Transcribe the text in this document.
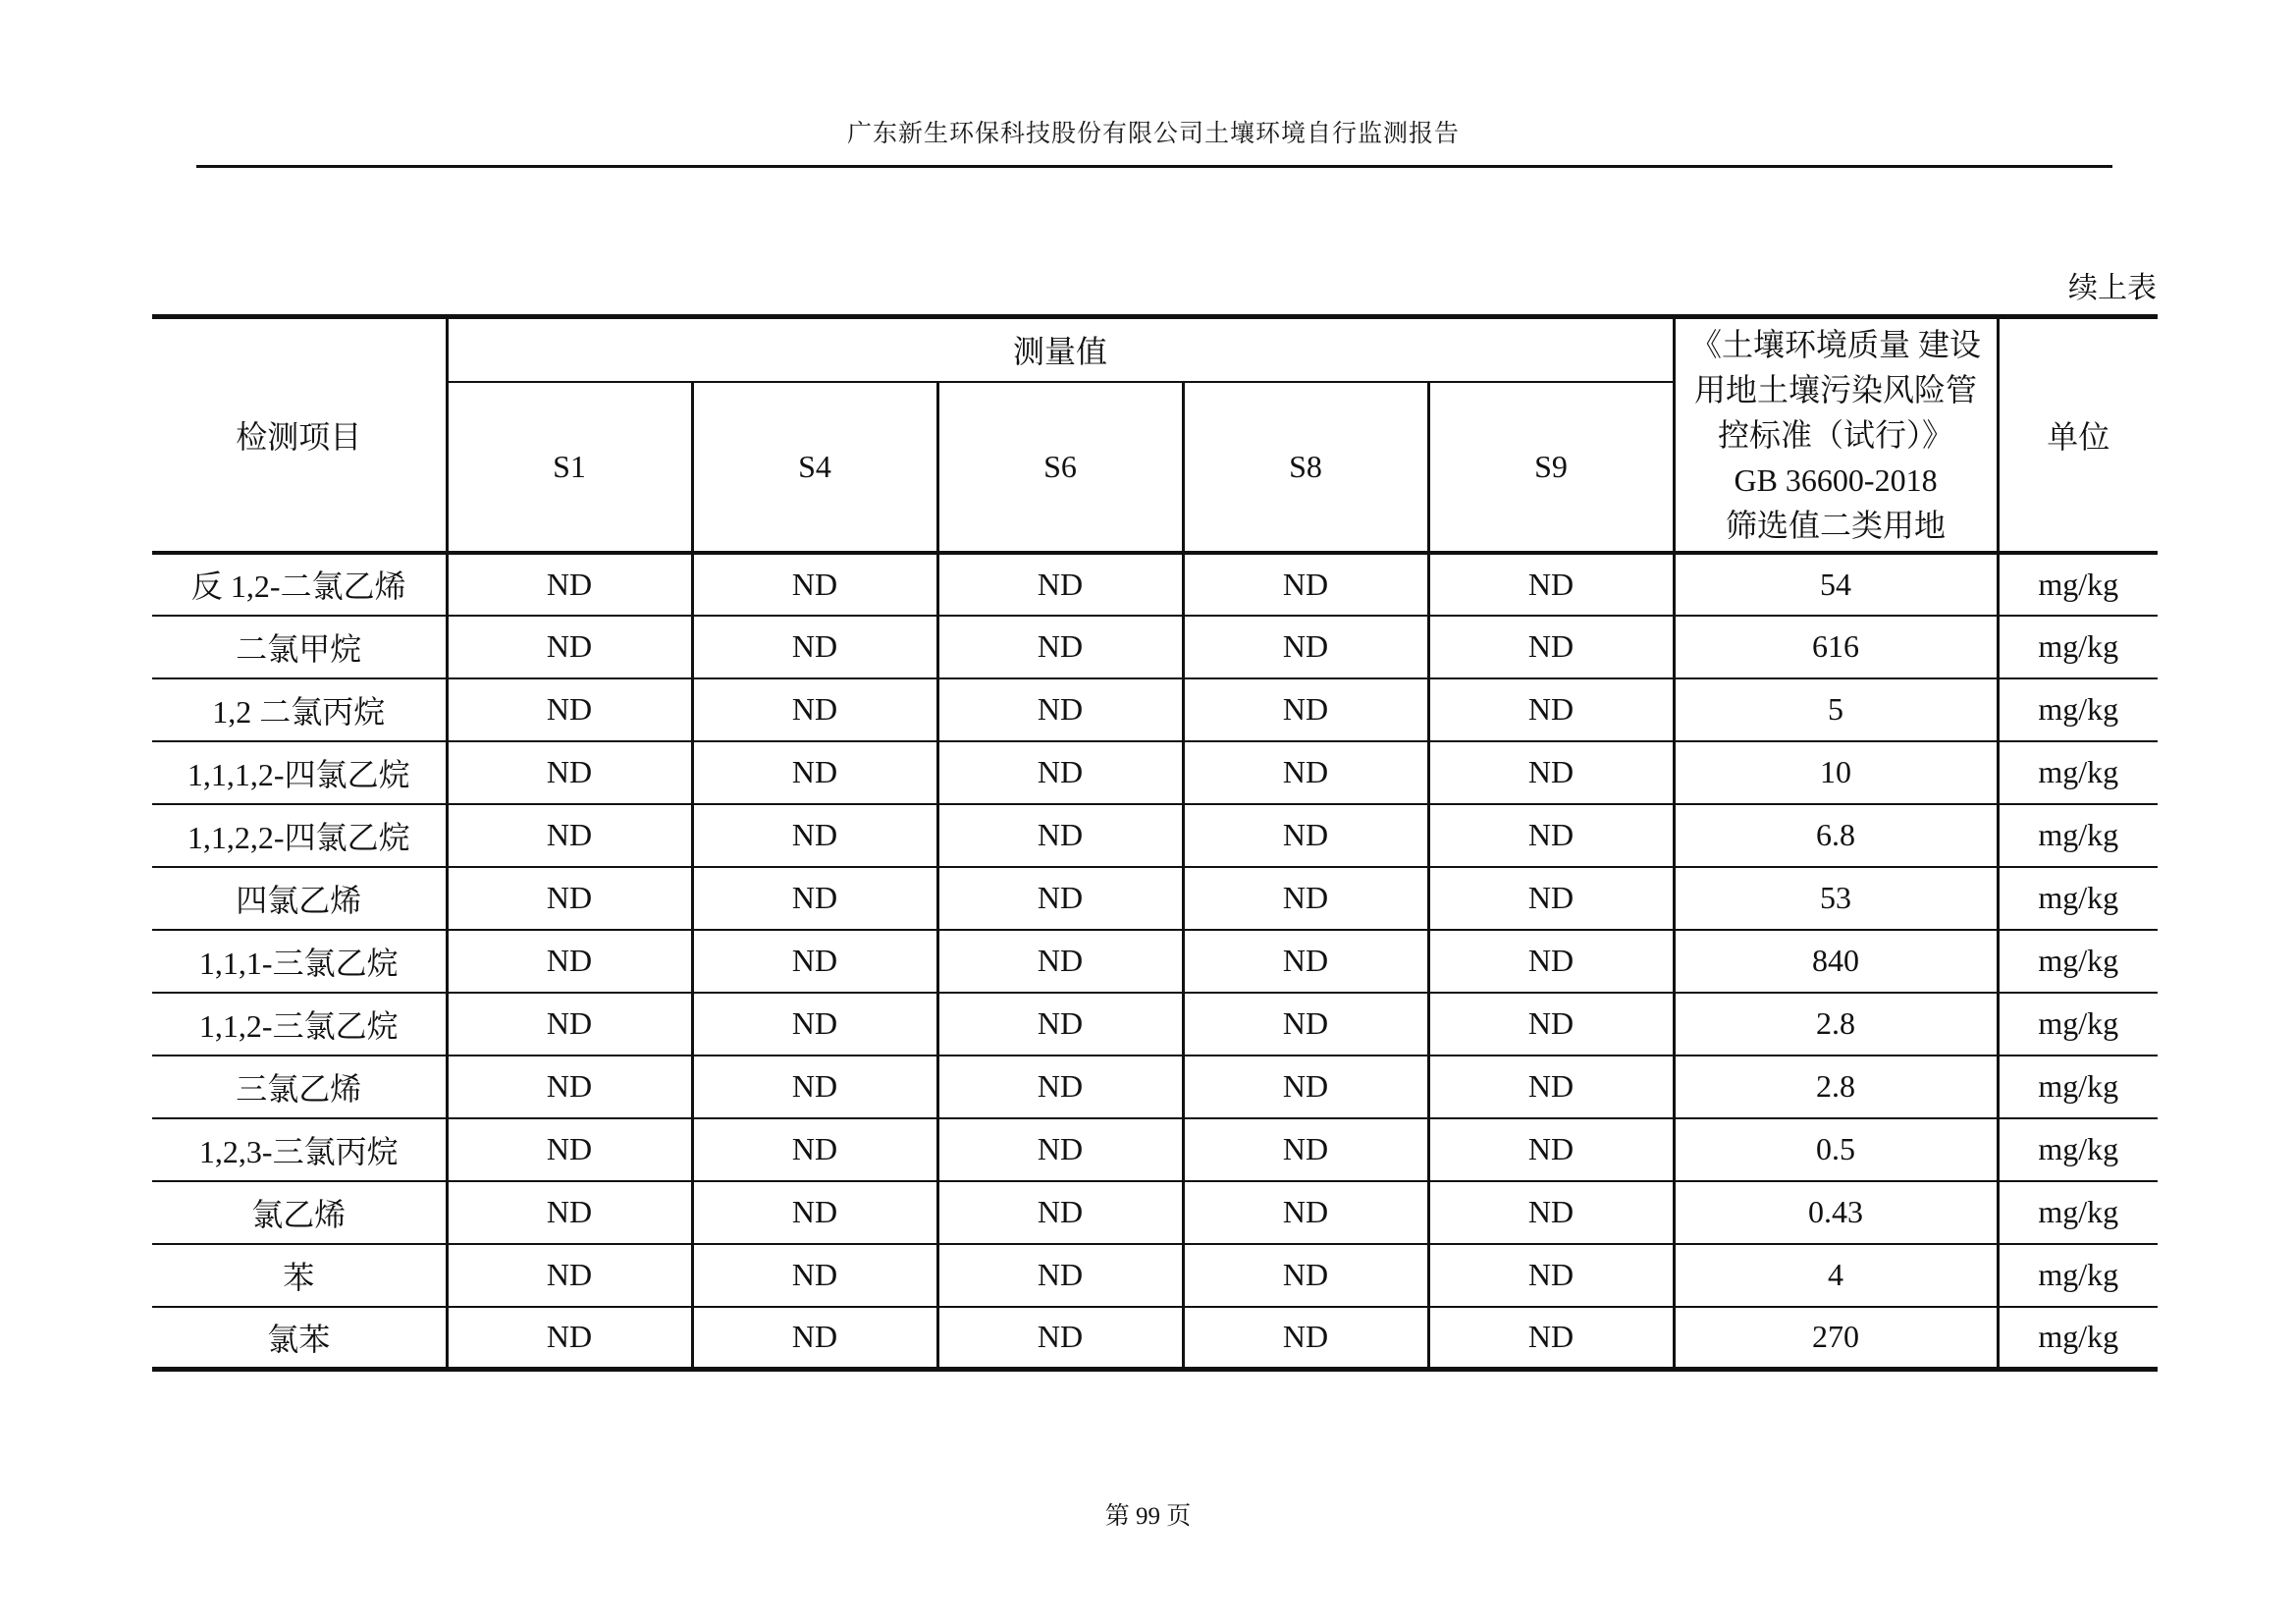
广东新生环保科技股份有限公司土壤环境自行监测报告
续上表
检测项目	测量值					《土壤环境质量 建设
用地土壤污染风险管
控标准（试行）》
GB 36600-2018
筛选值二类用地	单位
	S1	S4	S6	S8	S9		
反 1,2-二氯乙烯	ND	ND	ND	ND	ND	54	mg/kg
二氯甲烷	ND	ND	ND	ND	ND	616	mg/kg
1,2 二氯丙烷	ND	ND	ND	ND	ND	5	mg/kg
1,1,1,2-四氯乙烷	ND	ND	ND	ND	ND	10	mg/kg
1,1,2,2-四氯乙烷	ND	ND	ND	ND	ND	6.8	mg/kg
四氯乙烯	ND	ND	ND	ND	ND	53	mg/kg
1,1,1-三氯乙烷	ND	ND	ND	ND	ND	840	mg/kg
1,1,2-三氯乙烷	ND	ND	ND	ND	ND	2.8	mg/kg
三氯乙烯	ND	ND	ND	ND	ND	2.8	mg/kg
1,2,3-三氯丙烷	ND	ND	ND	ND	ND	0.5	mg/kg
氯乙烯	ND	ND	ND	ND	ND	0.43	mg/kg
苯	ND	ND	ND	ND	ND	4	mg/kg
氯苯	ND	ND	ND	ND	ND	270	mg/kg
第 99 页
